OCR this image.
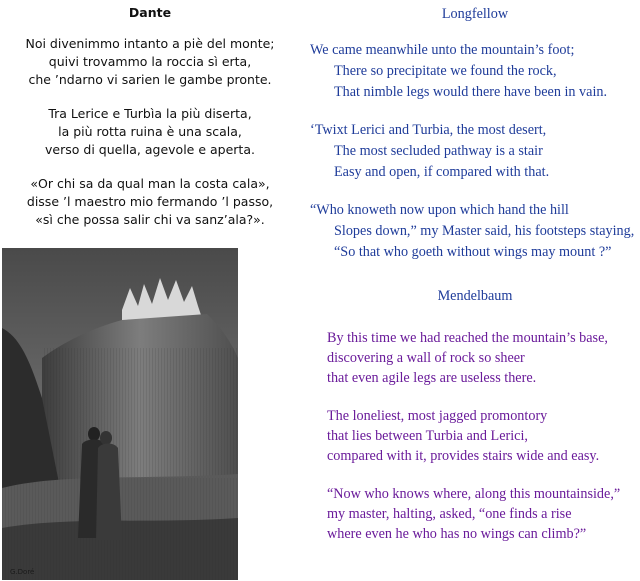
Dante
Noi divenimmo intanto a piè del monte;
quivi trovammo la roccia sì erta,
che ’ndarno vi sarien le gambe pronte.
Tra Lerice e Turbìa la più diserta,
la più rotta ruina è una scala,
verso di quella, agevole e aperta.
«Or chi sa da qual man la costa cala»,
disse ’l maestro mio fermando ’l passo,
«sì che possa salir chi va sanz’ala?».
G.Doré
Longfellow
We came meanwhile unto the mountain’s foot;
There so precipitate we found the rock,
That nimble legs would there have been in vain.
‘Twixt Lerici and Turbia, the most desert,
The most secluded pathway is a stair
Easy and open, if compared with that.
“Who knoweth now upon which hand the hill
Slopes down,” my Master said, his footsteps staying,
“So that who goeth without wings may mount ?”
Mendelbaum
By this time we had reached the mountain’s base,
discovering a wall of rock so sheer
that even agile legs are useless there.
The loneliest, most jagged promontory
that lies between Turbia and Lerici,
compared with it, provides stairs wide and easy.
“Now who knows where, along this mountainside,”
my master, halting, asked, “one finds a rise
where even he who has no wings can climb?”
